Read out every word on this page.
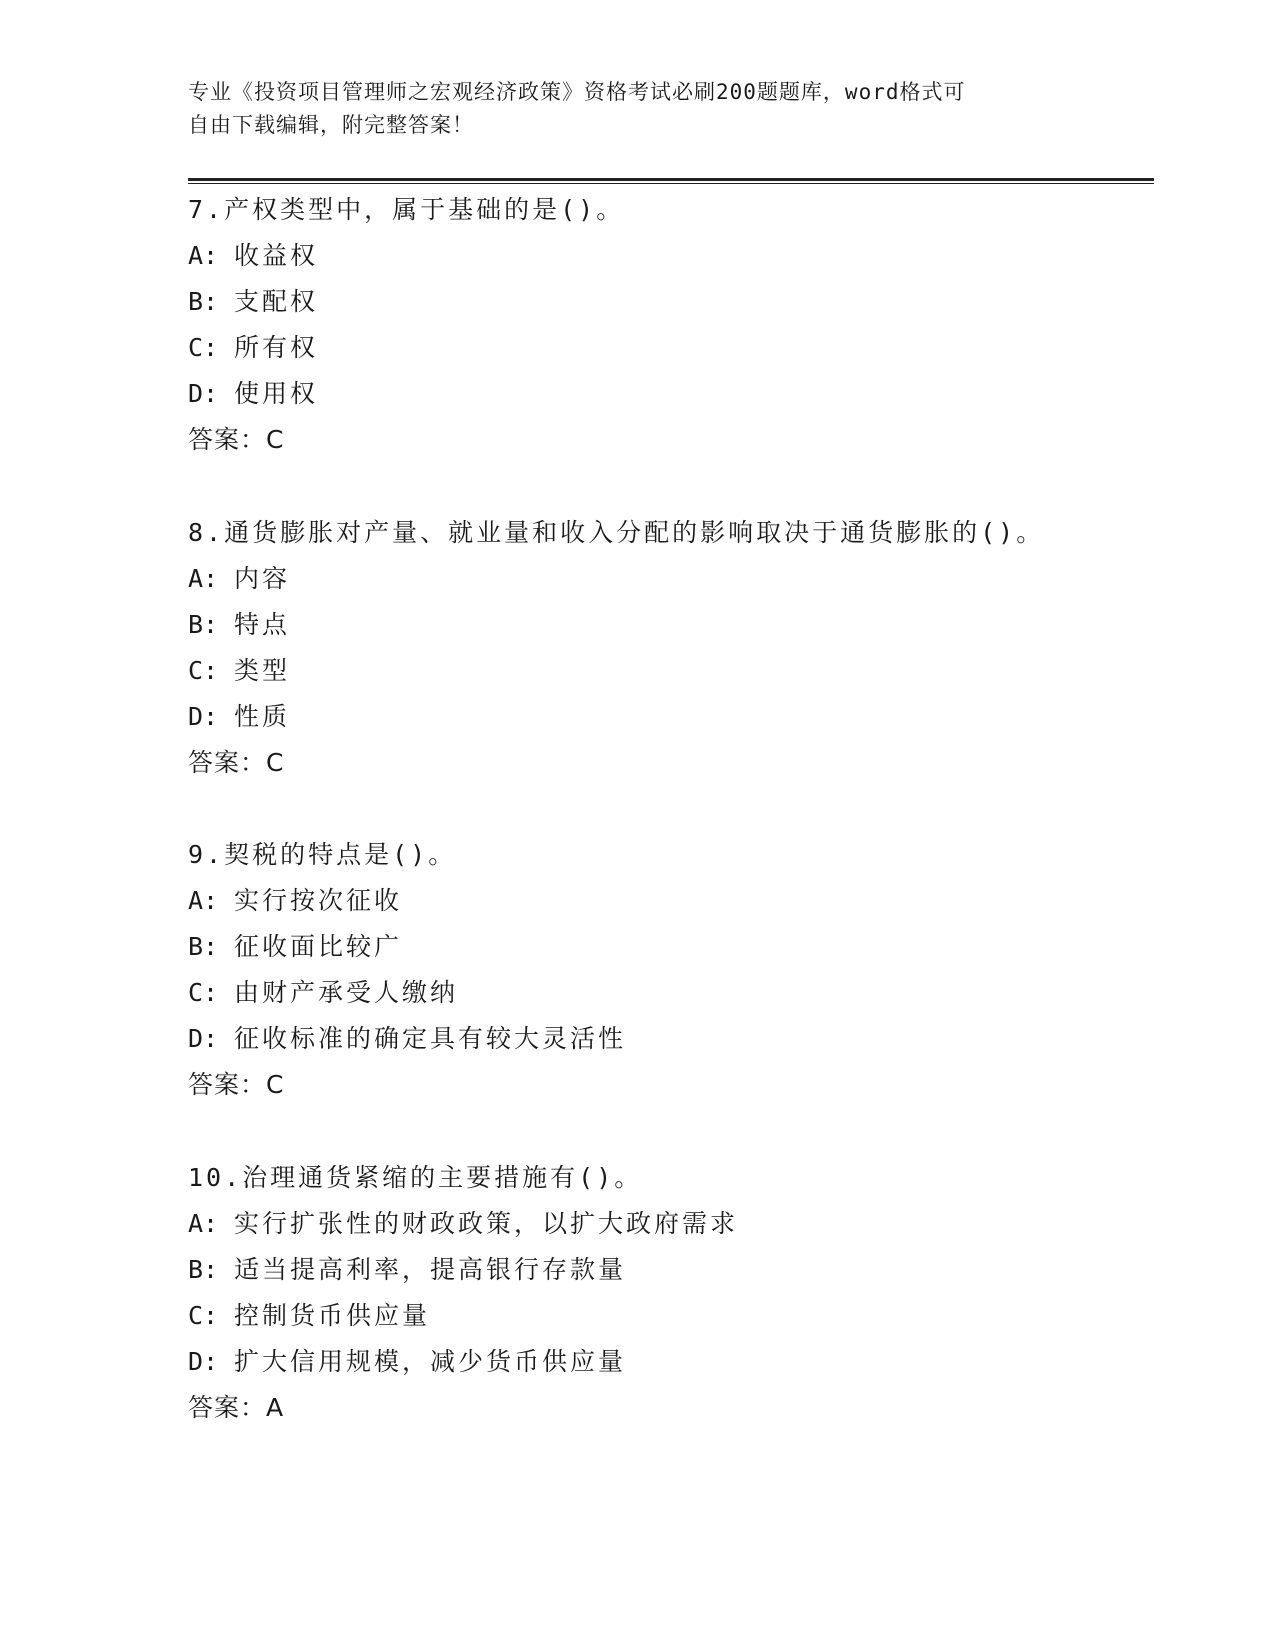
专业《投资项目管理师之宏观经济政策》资格考试必刷200题题库，word格式可
自由下载编辑，附完整答案！
7.产权类型中，属于基础的是()。
A: 收益权
B: 支配权
C: 所有权
D: 使用权
答案：C
8.通货膨胀对产量、就业量和收入分配的影响取决于通货膨胀的()。
A: 内容
B: 特点
C: 类型
D: 性质
答案：C
9.契税的特点是()。
A: 实行按次征收
B: 征收面比较广
C: 由财产承受人缴纳
D: 征收标准的确定具有较大灵活性
答案：C
10.治理通货紧缩的主要措施有()。
A: 实行扩张性的财政政策，以扩大政府需求
B: 适当提高利率，提高银行存款量
C: 控制货币供应量
D: 扩大信用规模，减少货币供应量
答案：A
